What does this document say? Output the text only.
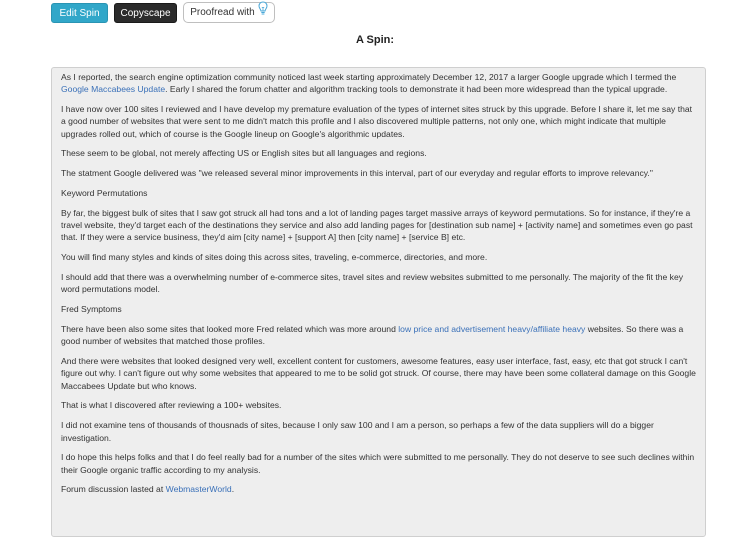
Edit Spin	Copyscape	Proofread with
A Spin:

As I reported, the search engine optimization community noticed last week starting approximately December 12, 2017 a larger Google upgrade which I termed the Google Maccabees Update. Early I shared the forum chatter and algorithm tracking tools to demonstrate it had been more widespread than the typical upgrade.

I have now over 100 sites I reviewed and I have develop my premature evaluation of the types of internet sites struck by this upgrade. Before I share it, let me say that a good number of websites that were sent to me didn't match this profile and I also discovered multiple patterns, not only one, which might indicate that multiple upgrades rolled out, which of course is the Google lineup on Google's algorithmic updates.

These seem to be global, not merely affecting US or English sites but all languages and regions.

The statment Google delivered was "we released several minor improvements in this interval, part of our everyday and regular efforts to improve relevancy."

Keyword Permutations

By far, the biggest bulk of sites that I saw got struck all had tons and a lot of landing pages target massive arrays of keyword permutations. So for instance, if they're a travel website, they'd target each of the destinations they service and also add landing pages for [destination sub name] + [activity name] and sometimes even go past that. If they were a service business, they'd aim [city name] + [support A] then [city name] + [service B] etc.

You will find many styles and kinds of sites doing this across sites, traveling, e-commerce, directories, and more.

I should add that there was a overwhelming number of e-commerce sites, travel sites and review websites submitted to me personally. The majority of the fit the key word permutations model.

Fred Symptoms

There have been also some sites that looked more Fred related which was more around low price and advertisement heavy/affiliate heavy websites. So there was a good number of websites that matched those profiles.

And there were websites that looked designed very well, excellent content for customers, awesome features, easy user interface, fast, easy, etc that got struck I can't figure out why. I can't figure out why some websites that appeared to me to be solid got struck. Of course, there may have been some collateral damage on this Google Maccabees Update but who knows.

That is what I discovered after reviewing a 100+ websites.

I did not examine tens of thousands of thousnads of sites, because I only saw 100 and I am a person, so perhaps a few of the data suppliers will do a bigger investigation.

I do hope this helps folks and that I do feel really bad for a number of the sites which were submitted to me personally. They do not deserve to see such declines within their Google organic traffic according to my analysis.

Forum discussion lasted at WebmasterWorld.
